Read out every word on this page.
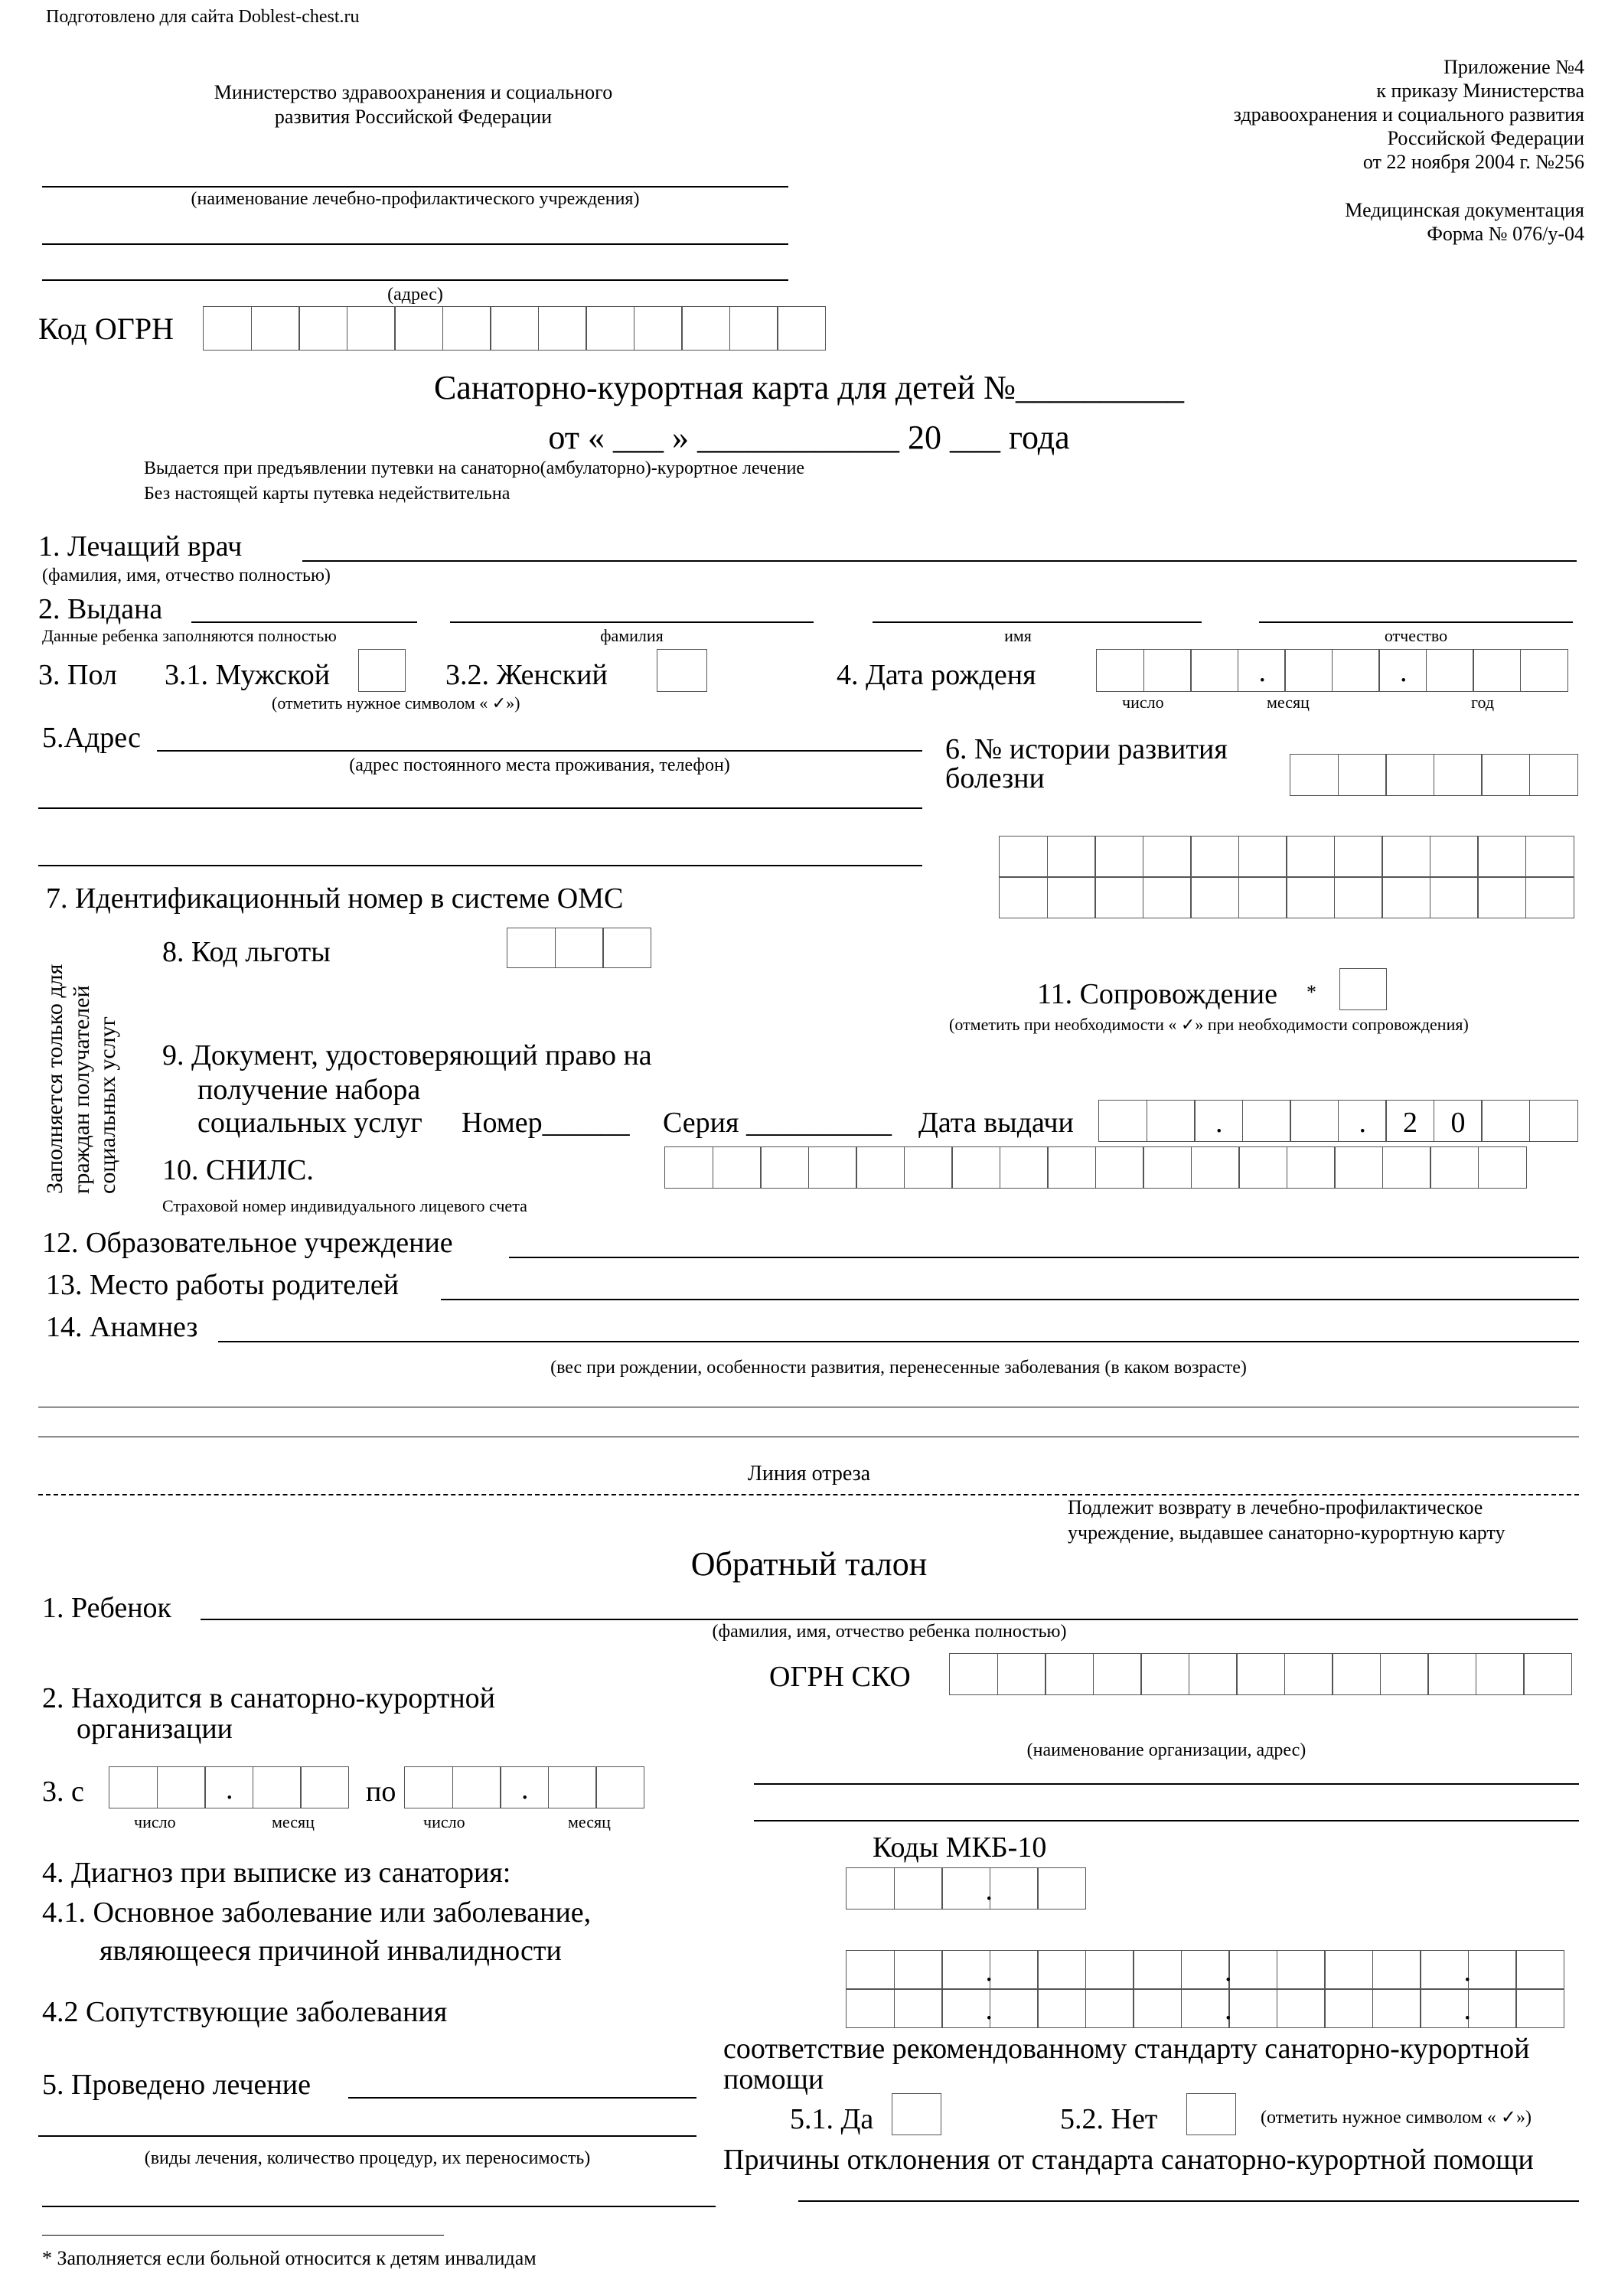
Подготовлено для сайта Doblest-chest.ru
Министерство здравоохранения и социального
развития Российской Федерации
Приложение №4
к приказу Министерства
здравоохранения и социального развития
Российской Федерации
от 22 ноября 2004 г. №256
Медицинская документация
Форма № 076/у-04
(наименование лечебно-профилактического учреждения)
(адрес)
Код ОГРН
Санаторно-курортная карта для детей №__________
от « ___ » ____________ 20 ___ года
Выдается при предъявлении путевки на санаторно(амбулаторно)-курортное лечение
Без настоящей карты путевка недействительна
1. Лечащий врач
(фамилия, имя, отчество полностью)
2. Выдана
Данные ребенка заполняются полностью	фамилия	имя	отчество
3. Пол 3.1. Мужской	3.2. Женский
(отметить нужное символом « ✓»)
4. Дата рожденя	.	.
число	месяц	год
5.Адрес
(адрес постоянного места проживания, телефон)	6. № истории развития
болезни
7. Идентификационный номер в системе ОМС
Заполняется только для граждан получателей социальных услуг
8. Код льготы
11. Сопровождение *
(отметить при необходимости « ✓» при необходимости сопровождения)
9. Документ, удостоверяющий право на
получение набора
социальных услуг Номер______ Серия __________ Дата выдачи	.	. 2 0
10. СНИЛС.
Страховой номер индивидуального лицевого счета
12. Образовательное учреждение
13. Место работы родителей
14. Анамнез
(вес при рождении, особенности развития, перенесенные заболевания (в каком возрасте)
Линия отреза
Подлежит возврату в лечебно-профилактическое
учреждение, выдавшее санаторно-курортную карту
Обратный талон
1. Ребенок
(фамилия, имя, отчество ребенка полностью)
ОГРН СКО
2. Находится в санаторно-курортной
организации
(наименование организации, адрес)
3. с	.	по	.
число	месяц	число	месяц
Коды МКБ-10
.
4. Диагноз при выписке из санатория:
4.1. Основное заболевание или заболевание,
являющееся причиной инвалидности
4.2 Сопутствующие заболевания
.	.	.
.	.	.
соответствие рекомендованному стандарту санаторно-курортной
помощи
5. Проведено лечение
(виды лечения, количество процедур, их переносимость)
5.1. Да	5.2. Нет	(отметить нужное символом « ✓»)
Причины отклонения от стандарта санаторно-курортной помощи
* Заполняется если больной относится к детям инвалидам
